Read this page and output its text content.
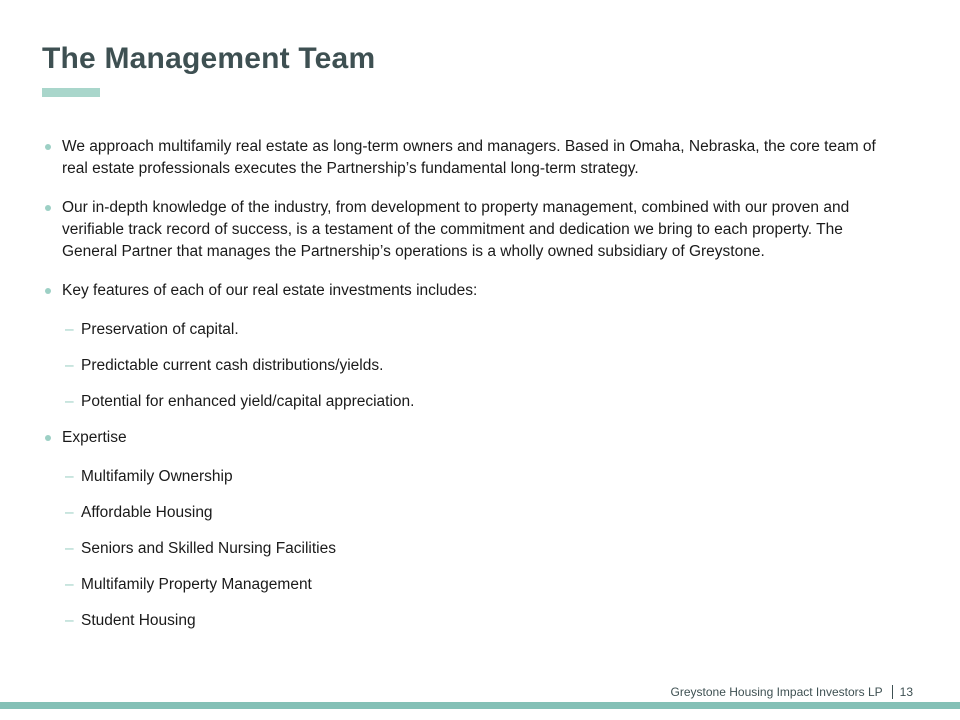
The Management Team
We approach multifamily real estate as long-term owners and managers. Based in Omaha, Nebraska, the core team of real estate professionals executes the Partnership’s fundamental long-term strategy.
Our in-depth knowledge of the industry, from development to property management, combined with our proven and verifiable track record of success, is a testament of the commitment and dedication we bring to each property. The General Partner that manages the Partnership’s operations is a wholly owned subsidiary of Greystone.
Key features of each of our real estate investments includes:
– Preservation of capital.
– Predictable current cash distributions/yields.
– Potential for enhanced yield/capital appreciation.
Expertise
– Multifamily Ownership
– Affordable Housing
– Seniors and Skilled Nursing Facilities
– Multifamily Property Management
– Student Housing
Greystone Housing Impact Investors LP 13
